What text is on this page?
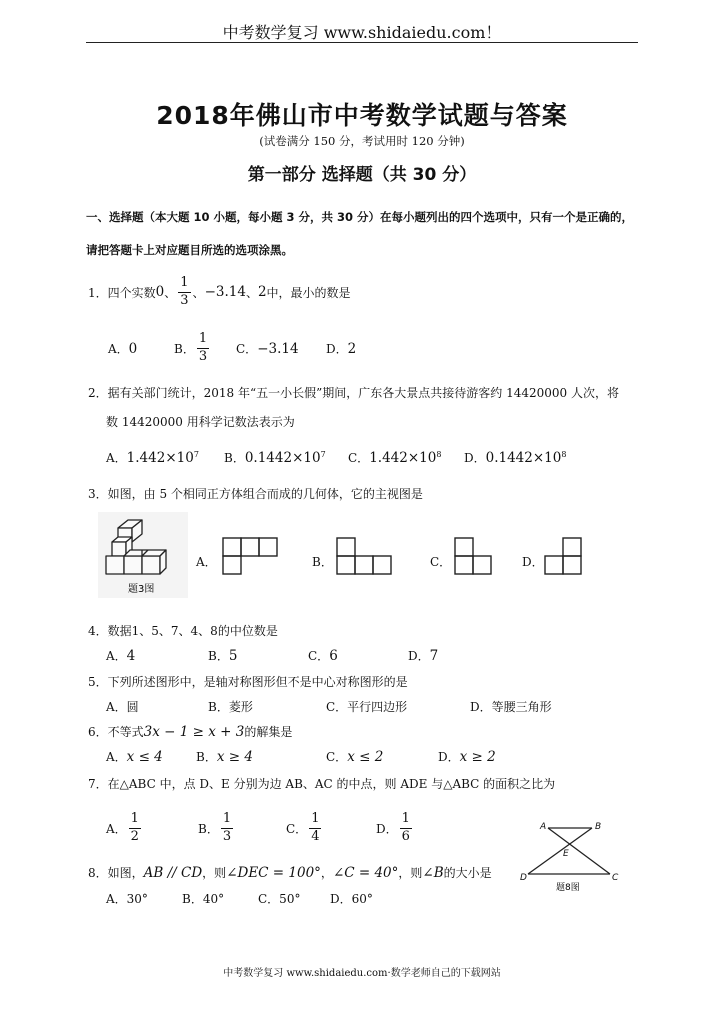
中考数学复习 www.shidaiedu.com！
2018年佛山市中考数学试题与答案
(试卷满分 150 分，考试用时 120 分钟)
第一部分 选择题（共 30 分）
一、选择题（本大题 10 小题，每小题 3 分，共 30 分）在每小题列出的四个选项中，只有一个是正确的，请把答题卡上对应题目所选的选项涂黑。
1． 四个实数 0 、 $\frac{1}{3}$ 、 −3.14 、 2 中，最小的数是
A．0	B． $\frac{1}{3}$ C．−3.14 D．2
2．据有关部门统计，2018 年“五一小长假”期间，广东各大景点共接待游客约 14420000 人次，将
数 14420000 用科学记数法表示为
A．$1.442\times 10^7$ B．$0.1442\times 10^7$ C．$1.442\times 10^8$ D．$0.1442\times 10^8$
3．如图，由 5 个相同正方体组合而成的几何体，它的主视图是
题3图
A．	B．	C．	D．
4．数据1、5、7、4、8的中位数是
A．4	B．5	C．6	D．7
5．下列所述图形中，是轴对称图形但不是中心对称图形的是
A．圆	B．菱形	C．平行四边形	D．等腰三角形
6．不等式3x − 1 ≥ x + 3的解集是
A．x ≤ 4	B．x ≥ 4	C．x ≤ 2	D．x ≥ 2
7．在△ABC 中，点 D、E 分别为边 AB、AC 的中点，则 ADE 与△ABC 的面积之比为
A． $\frac{1}{2}$	B． $\frac{1}{3}$	C． $\frac{1}{4}$	D． $\frac{1}{6}$	A	B
E
D	C
题8图
8．如图，AB // CD，则∠DEC = 100°，∠C = 40°，则∠B的大小是
A．30°	B．40°	C．50° D．60°
中考数学复习 www.shidaiedu.com·数学老师自己的下载网站
